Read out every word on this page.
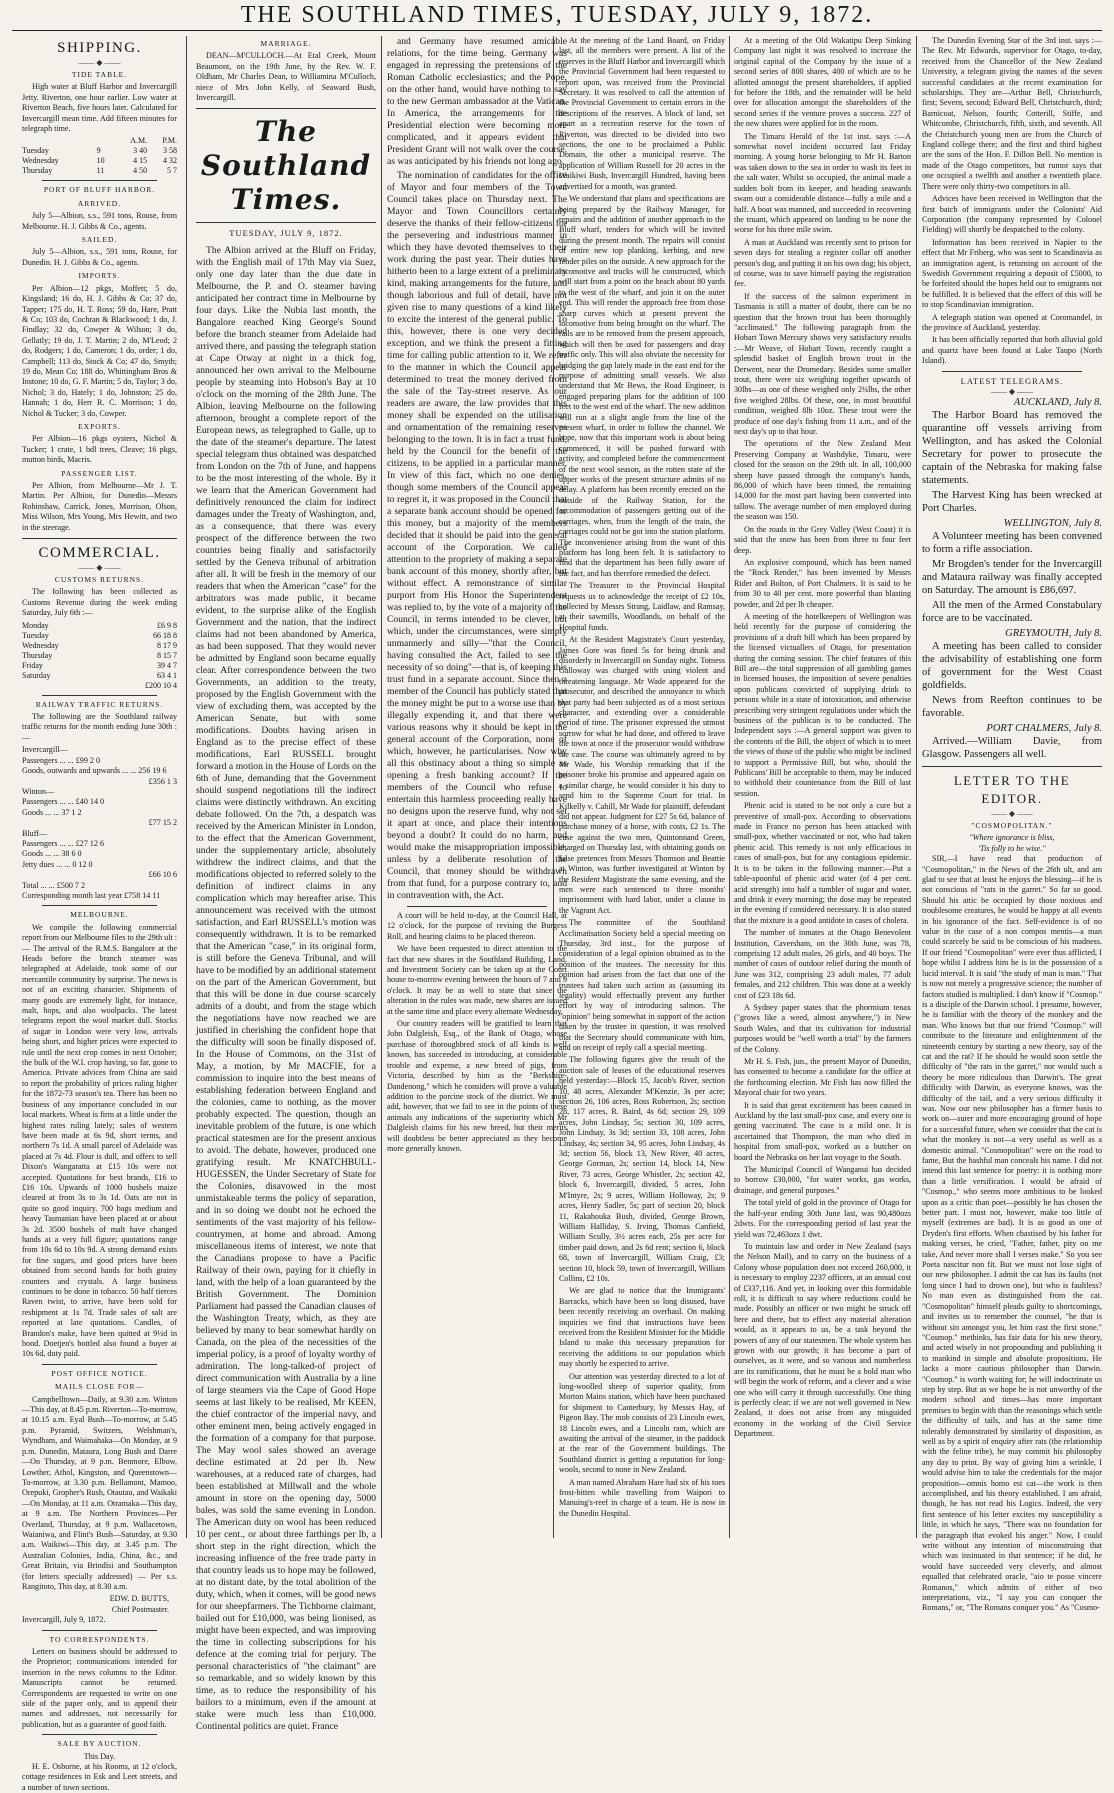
THE SOUTHLAND TIMES, TUESDAY, JULY 9, 1872.
SHIPPING.
—— ◆ ——
TIDE TABLE.

High water at Bluff Harbor and Invercargill Jetty. Riverton, one hour earlier. Low water at Riverton Beach, five hours later. Calculated for Invercargill mean time. Add fifteen minutes for telegraph time.

		A.M.	P.M.
Tuesday	9	3 40	3 58
Wednesday	10	4 15	4 32
Thursday	11	4 50	5 7
PORT OF BLUFF HARBOR.
ARRIVED.

July 5—Albion, s.s., 591 tons, Rouse, from Melbourne. H. J. Gibbs & Co., agents.

SAILED.

July 5—Albion, s.s., 591 tons, Rouse, for Dunedin. H. J. Gibbs & Co., agents.

IMPORTS.

Per Albion—12 pkgs, Moffett; 5 do, Kingsland; 16 do, H. J. Gibbs & Co; 37 do, Tapper; 175 do, H. T. Ross; 59 do, Hare, Pratt & Co; 103 do, Cochran & Blackwood; 1 do, J. Findlay; 32 do, Cowper & Wilson; 3 do, Gellatly; 19 do, J. T. Martin; 2 do, M'Leod; 2 do, Rodgers; 1 do, Cameron; 1 do, order; 1 do, Campbell; 113 do, Stock & Co; 47 do, Smyth; 19 do, Mean Co; 188 do, Whittingham Bros & Instone; 10 do, G. F. Martin; 5 do, Taylor; 3 do, Nichol; 3 do, Hately; 1 do, Johnston; 25 do, Hannah; 1 do, Herr R. C. Morrison; 1 do, Nichol & Tucker; 3 do, Cowper.

EXPORTS.

Per Albion—16 pkgs oysters, Nichol & Tucker; 1 crate, 1 bdl trees, Cleave; 16 pkgs, mutton birds, Macris.

PASSENGER LIST.

Per Albion, from Melbourne—Mr J. T. Martin. Per Albion, for Dunedin—Messrs Robinshaw, Carrick, Jones, Morrison, Olson, Miss Wilson, Mrs Young, Mrs Hewitt, and two in the steerage.

COMMERCIAL.
—— ◆ ——
CUSTOMS RETURNS.

The following has been collected as Customs Revenue during the week ending Saturday, July 6th :—

Monday	£6 9 8
Tuesday	66 18 8
Wednesday	8 17 9
Thursday	8 15 7
Friday	39 4 7
Saturday	63 4 1
	£200 10 4
RAILWAY TRAFFIC RETURNS.

The following are the Southland railway traffic returns for the month ending June 30th :—

Invercargill—
Passengers ... ... £99 2 0
Goods, outwards and upwards ... ... 256 19 6
£356 1 3
Winton—
Passengers ... ... £40 14 0
Goods ... ... 37 1 2
£77 15 2
Bluff—
Passengers ... ... £27 12 6
Goods ... ... 38 6 0
Jetty dues ... ... 0 12 0
£66 10 6
Total ... ... £500 7 2
Corresponding month last year £758 14 11
MELBOURNE.

We compile the following commercial report from our Melbourne files to the 29th ult :— The arrival of the R.M.S. Bangalore at the Heads before the branch steamer was telegraphed at Adelaide, took some of our mercantile community by surprise. The news is not of an exciting character. Shipments of many goods are extremely light, for instance, malt, hops, and also woolpacks. The latest telegrams report the wool market dull. Stocks of sugar in London were very low, arrivals being short, and higher prices were expected to rule until the next crop comes in next October; the bulk of the W.I. crop having, so far, gone to America. Private advices from China are said to report the probability of prices ruling higher for the 1872-73 season's tea. There has been no business of any importance concluded in our local markets. Wheat is firm at a little under the highest rates ruling lately; sales of western have been made at 6s 9d, short terms, and northern 7s 1d. A small parcel of Adelaide was placed at 7s 4d. Flour is dull, and offers to sell Dixon's Wangaratta at £15 10s were not accepted. Quotations for best brands, £16 to £16 10s. Upwards of 1000 bushels maize cleared at from 3s to 3s 1d. Oats are not in quite so good inquiry. 700 bags medium and heavy Tasmanian have been placed at or about 3s 2d. 3500 bushels of malt have changed hands at a very full figure; quotations range from 10s 6d to 10s 9d. A strong demand exists for fine sugars, and good prices have been obtained from second hands for both grainy counters and crystals. A large business continues to be done in tobacco. 50 half tierces Raven twist, to arrive, have been sold for reshipment at 1s 7d. Trade sales of salt are reported at late quotations. Candles, of Brandon's make, have been quitted at 9½d in bond. Doetjen's bottled also found a buyer at 10s 6d, duty paid.

POST OFFICE NOTICE.
MAILS CLOSE FOR—

Campbelltown—Daily, at 9.30 a.m. Winton—This day, at 8.45 p.m. Riverton—To-morrow, at 10.15 a.m. Eyal Bush—To-morrow, at 5.45 p.m. Pyramid, Switzers, Welshman's, Wyndham, and Waimahaka—On Monday, at 9 p.m. Dunedin, Mataura, Long Bush and Darre—On Thursday, at 9 p.m. Benmore, Elbow, Lowther, Athol, Kingston, and Queenstown—To-morrow, at 3.30 p.m. Bellamont, Mamoo, Orepuki, Gropher's Rush, Otautau, and Waikaki—On Monday, at 11 a.m. Otramaka—This day, at 9 a.m. The Northern Provinces—Per Overland, Thursday, at 9 p.m. Wallacetown, Waianiwa, and Flint's Bush—Saturday, at 9.30 a.m. Waikiwi—This day, at 3.45 p.m. The Australian Colonies, India, China, &c., and Great Britain, via Brindisi and Southampton (for letters specially addressed) — Per s.s. Rangitoto, This day, at 8.30 a.m.

EDW. D. BUTTS,
Chief Postmaster.
Invercargill, July 9, 1872.
TO CORRESPONDENTS.

Letters on business should be addressed to the Proprietor; communications intended for insertion in the news columns to the Editor. Manuscripts cannot be returned. Correspondents are requested to write on one side of the paper only, and to append their names and addresses, not necessarily for publication, but as a guarantee of good faith.

SALE BY AUCTION.
This Day.

H. E. Osborne, at his Rooms, at 12 o'clock, cottage residences in Esk and Leet streets, and a number of town sections.

MARRIAGE.

DEAN—M'CULLOCH.—At Etal Creek, Mount Beaumont, on the 19th June, by the Rev. W. F. Oldham, Mr Charles Dean, to Williamina M'Culloch, niece of Mrs John Kelly, of Seaward Bush, Invercargill.

The Southland Times.
TUESDAY, JULY 9, 1872.

The Albion arrived at the Bluff on Friday, with the English mail of 17th May via Suez, only one day later than the due date in Melbourne, the P. and O. steamer having anticipated her contract time in Melbourne by four days. Like the Nubia last month, the Bangalore reached King George's Sound before the branch steamer from Adelaide had arrived there, and passing the telegraph station at Cape Otway at night in a thick fog, announced her own arrival to the Melbourne people by steaming into Hobson's Bay at 10 o'clock on the morning of the 28th June. The Albion, leaving Melbourne on the following afternoon, brought a complete report of the European news, as telegraphed to Galle, up to the date of the steamer's departure. The latest special telegram thus obtained was despatched from London on the 7th of June, and happens to be the most interesting of the whole. By it we learn that the American Government had definitively renounced the claim for indirect damages under the Treaty of Washington, and, as a consequence, that there was every prospect of the difference between the two countries being finally and satisfactorily settled by the Geneva tribunal of arbitration after all. It will be fresh in the memory of our readers that when the American "case" for the arbitrators was made public, it became evident, to the surprise alike of the English Government and the nation, that the indirect claims had not been abandoned by America, as had been supposed. That they would never be admitted by England soon became equally clear. After correspondence between the two Governments, an addition to the treaty, proposed by the English Government with the view of excluding them, was accepted by the American Senate, but with some modifications. Doubts having arisen in England as to the precise effect of these modifications, Earl RUSSELL brought forward a motion in the House of Lords on the 6th of June, demanding that the Government should suspend negotiations till the indirect claims were distinctly withdrawn. An exciting debate followed. On the 7th, a despatch was received by the American Minister in London, to the effect that the American Government, under the supplementary article, absolutely withdrew the indirect claims, and that the modifications objected to referred solely to the definition of indirect claims in any complication which may hereafter arise. This announcement was received with the utmost satisfaction, and Earl RUSSELL's motion was consequently withdrawn. It is to be remarked that the American "case," in its original form, is still before the Geneva Tribunal, and will have to be modified by an additional statement on the part of the American Government, but that this will be done in due course scarcely admits of a doubt, and from the stage which the negotiations have now reached we are justified in cherishing the confident hope that the difficulty will soon be finally disposed of. In the House of Commons, on the 31st of May, a motion, by Mr MACFIE, for a commission to inquire into the best means of establishing federation between England and the colonies, came to nothing, as the mover probably expected. The question, though an inevitable problem of the future, is one which practical statesmen are for the present anxious to avoid. The debate, however, produced one gratifying result. Mr KNATCHBULL-HUGESSEN, the Under Secretary of State for the Colonies, disavowed in the most unmistakeable terms the policy of separation, and in so doing we doubt not he echoed the sentiments of the vast majority of his fellow-countrymen, at home and abroad. Among miscellaneous items of interest, we note that the Canadians propose to have a Pacific Railway of their own, paying for it chiefly in land, with the help of a loan guaranteed by the British Government. The Dominion Parliament had passed the Canadian clauses of the Washington Treaty, which, as they are believed by many to bear somewhat hardly on Canada, on the plea of the necessities of the imperial policy, is a proof of loyalty worthy of admiration. The long-talked-of project of direct communication with Australia by a line of large steamers via the Cape of Good Hope seems at last likely to be realised, Mr KEEN, the chief contractor of the imperial navy, and other eminent men, being actively engaged in the formation of a company for that purpose. The May wool sales showed an average decline estimated at 2d per lb. New warehouses, at a reduced rate of charges, had been established at Millwall and the whole amount in store on the opening day, 5000 bales, was sold the same evening in London. The American duty on wool has been reduced 10 per cent., or about three farthings per lb, a short step in the right direction, which the increasing influence of the free trade party in that country leads us to hope may be followed, at no distant date, by the total abolition of the duty, which, when it comes, will be good news for our sheepfarmers. The Tichborne claimant, bailed out for £10,000, was being lionised, as might have been expected, and was improving the time in collecting subscriptions for his defence at the coming trial for perjury. The personal characteristics of "the claimant" are so remarkable, and so widely known by this time, as to reduce the responsibility of his bailors to a minimum, even if the amount at stake were much less than £10,000. Continental politics are quiet. France

and Germany have resumed amicable relations, for the time being. Germany was engaged in repressing the pretensions of the Roman Catholic ecclesiastics; and the Pope, on the other hand, would have nothing to say to the new German ambassador at the Vatican. In America, the arrangements for the Presidential election were becoming more complicated, and it appears evident that President Grant will not walk over the course, as was anticipated by his friends not long ago.

The nomination of candidates for the office of Mayor and four members of the Town Council takes place on Thursday next. The Mayor and Town Councillors certainly deserve the thanks of their fellow-citizens for the persevering and industrious manner in which they have devoted themselves to their work during the past year. Their duties have hitherto been to a large extent of a preliminary kind, making arrangements for the future, and though laborious and full of detail, have not given rise to many questions of a kind likely to excite the interest of the general public. To this, however, there is one very decided exception, and we think the present a fitting time for calling public attention to it. We refer to the manner in which the Council appear determined to treat the money derived from the sale of the Tay-street reserve. As our readers are aware, the law provides that this money shall be expended on the utilisation and ornamentation of the remaining reserves belonging to the town. It is in fact a trust fund, held by the Council for the benefit of the citizens, to be applied in a particular manner. In view of this fact, which no one denies, though some members of the Council appear to regret it, it was proposed in the Council that a separate bank account should be opened for this money, but a majority of the members decided that it should be paid into the general account of the Corporation. We called attention to the propriety of making a separate bank account of this money, shortly after, but without effect. A remonstrance of similar purport from His Honor the Superintendent was replied to, by the vote of a majority of the Council, in terms intended to be clever, but which, under the circumstances, were simply unmannerly and silly—"that the Council, having consulted the Act, failed to see the necessity of so doing"—that is, of keeping this trust fund in a separate account. Since then a member of the Council has publicly stated that the money might be put to a worse use than by illegally expending it, and that there were various reasons why it should be kept in the general account of the Corporation, none of which, however, he particularises. Now why all this obstinacy about a thing so simple as opening a fresh banking account? If the members of the Council who refuse to entertain this harmless proceeding really have no designs upon the reserve fund, why not set it apart at once, and place their intentions beyond a doubt? It could do no harm, and would make the misappropriation impossible, unless by a deliberate resolution of the Council, that money should be withdrawn from that fund, for a purpose contrary to, and in contravention with, the Act.

A court will be held to-day, at the Council Hall, at 12 o'clock, for the purpose of revising the Burgess Roll, and hearing claims to be placed thereon.

We have been requested to direct attention to the fact that new shares in the Southland Building, Land, and Investment Society can be taken up at the Court house to-morrow evening between the hours of 7 and 9 o'clock. It may be as well to state that since the alteration in the rules was made, new shares are issued at the same time and place every alternate Wednesday.

Our country readers will be gratified to learn that John Dalgleish, Esq., of the Bank of Otago, whose purchase of thoroughbred stock of all kinds is well known, has succeeded in introducing, at considerable trouble and expense, a new breed of pigs, from Victoria, described by him as the "Berkshire-Dandenong," which he considers will prove a valuable addition to the porcine stock of the district. We must add, however, that we fail to see in the points of these animals any indications of the superiority which Mr Dalgleish claims for his new breed, but their merits will doubtless be better appreciated as they become more generally known.

At the meeting of the Land Board, on Friday last, all the members were present. A list of the reserves in the Bluff Harbor and Invercargill which the Provincial Government had been requested to report upon, was received from the Provincial Secretary. It was resolved to call the attention of the Provincial Government to certain errors in the descriptions of the reserves. A block of land, set apart as a recreation reserve for the town of Riverton, was directed to be divided into two sections, the one to be proclaimed a Public Domain, the other a municipal reserve. The application of William Russell for 20 acres in the Waikiwi Bush, Invercargill Hundred, having been advertised for a month, was granted.

We understand that plans and specifications are being prepared by the Railway Manager, for repairs and the addition of another approach to the Bluff wharf, tenders for which will be invited during the present month. The repairs will consist of entire new top planking, kerbing, and new fender piles on the outside. A new approach for the locomotive and trucks will be constructed, which will start from a point on the beach about 80 yards to the west of the wharf, and join it on the outer end. This will render the approach free from those sharp curves which at present prevent the locomotive from being brought on the wharf. The rails are to be removed from the present approach, which will then be used for passengers and dray traffic only. This will also obviate the necessity for bridging the gap lately made in the east end for the purpose of admitting small vessels. We also understand that Mr Bews, the Road Engineer, is engaged preparing plans for the addition of 100 feet to the west end of the wharf. The new addition will run at a slight angle from the line of the present wharf, in order to follow the channel. We hope, now that this important work is about being commenced, it will be pushed forward with activity, and completed before the commencement of the next wool season, as the rotten state of the upper works of the present structure admits of no delay. A platform has been recently erected on the outside of the Railway Station, for the accommodation of passengers getting out of the carriages, when, from the length of the train, the carriages could not be got into the station platform. The inconvenience arising from the want of this platform has long been felt. It is satisfactory to find that the department has been fully aware of the fact, and has therefore remedied the defect.

The Treasurer to the Provincial Hospital requests us to acknowledge the receipt of £2 10s, collected by Messrs Strang, Laidlaw, and Ramsay, at their sawmills, Woodlands, on behalf of the Hospital funds.

At the Resident Magistrate's Court yesterday, James Gore was fined 5s for being drunk and disorderly in Invercargill on Sunday night. Totness Galloway was charged with using violent and threatening language. Mr Wade appeared for the prosecutor, and described the annoyance to which that party had been subjected as of a most serious character, and extending over a considerable period of time. The prisoner expressed the utmost sorrow for what he had done, and offered to leave the town at once if the prosecutor would withdraw the case. The course was ultimately agreed to by Mr Wade, his Worship remarking that if the prisoner broke his promise and appeared again on a similar charge, he would consider it his duty to send him to the Supreme Court for trial. In Kilkelly v. Cahill, Mr Wade for plaintiff, defendant did not appear. Judgment for £27 5s 6d, balance of purchase money of a horse, with costs, £2 1s. The case against the two men, Quintonnand Green, charged on Thursday last, with obtaining goods on false pretences from Messrs Thomson and Beattie at Winton, was further investigated at Winton by the Resident Magistrate the same evening, and the men were each sentenced to three months' imprisonment with hard labor, under a clause in the Vagrant Act.

The committee of the Southland Acclimatisation Society held a special meeting on Thursday, 3rd inst., for the purpose of consideration of a legal opinion obtained as to the position of the trustees. The necessity for this opinion had arisen from the fact that one of the trustees had taken such action as (assuming its legality) would effectually prevent any further effort by way of introducing salmon. The "opinion" being somewhat in support of the action taken by the trustee in question, it was resolved that the Secretary should communicate with him, and on receipt of reply call a special meeting.

The following figures give the result of the auction sale of leases of the educational reserves held yesterday:—Block 15, Jacob's River, section 10, 48 acres, Alexander M'Kenzie, 3s per acre; section 26, 106 acres, Ross Robertson, 2s; section 28, 117 acres, R. Baird, 4s 6d; section 29, 109 acres, John Lindsay, 5s; section 30, 109 acres, John Lindsay, 3s 3d; section 33, 108 acres, John Lindsay, 4s; section 34, 95 acres, John Lindsay, 4s 3d; section 56, block 13, New River, 40 acres, George Gorman, 2s; section 14, block 14, New River, 73 acres, George Whistler, 2s; section 42, block 6, Invercargill, divided, 5 acres, John M'Intyre, 2s; 9 acres, William Holloway, 2s; 9 acres, Henry Sadler, 5s; part of section 20, block 11, Rakahouka Bush, divided, George Brown, William Halliday, S. Irving, Thomas Canfield, William Scully, 3½ acres each, 25s per acre for timber paid down, and 2s 6d rent; section 6, block 68, town of Invercargill, William Craig, £3; section 10, block 59, town of Invercargill, William Collins, £2 10s.

We are glad to notice that the Immigrants' Barracks, which have been so long disused, have been recently receiving an overhaul. On making inquiries we find that instructions have been received from the Resident Minister for the Middle Island to make this necessary preparation for receiving the additions to our population which may shortly be expected to arrive.

Our attention was yesterday directed to a lot of long-woolled sheep of superior quality, from Morton Mains station, which have been purchased for shipment to Canterbury, by Messrs Hay, of Pigeon Bay. The mob consists of 23 Lincoln ewes, 18 Lincoln ewes, and a Lincoln ram, which are awaiting the arrival of the steamer, in the paddock at the rear of the Government buildings. The Southland district is getting a reputation for long-wools, second to none in New Zealand.

A man named Abraham Hare had six of his toes frost-bitten while travelling from Waipori to Manuing's-reef in charge of a team. He is now in the Dunedin Hospital.

At a meeting of the Old Wakatipu Deep Sinking Company last night it was resolved to increase the original capital of the Company by the issue of a second series of 800 shares, 400 of which are to be allotted amongst the present shareholders, if applied for before the 18th, and the remainder will be held over for allocation amongst the shareholders of the second series if the venture proves a success. 227 of the new shares were applied for in the room.

The Timaru Herald of the 1st inst. says :—A somewhat novel incident occurred last Friday morning. A young horse belonging to Mr H. Barton was taken down to the sea in order to wash its feet in the salt water. Whilst so occupied, the animal made a sudden bolt from its keeper, and heading seawards swam out a considerable distance—fully a mile and a half. A boat was manned, and succeeded in recovering the truant, which appeared on landing to be none the worse for his three mile swim.

A man at Auckland was recently sent to prison for seven days for stealing a register collar off another person's dog, and putting it on his own dog; his object, of course, was to save himself paying the registration fee.

If the success of the salmon experiment in Tasmania is still a matter of doubt, there can be no question that the brown trout has been thoroughly "acclimated." The following paragraph from the Hobart Town Mercury shows very satisfactory results :—Mr Weave, of Hobart Town, recently caught a splendid basket of English brown trout in the Derwent, near the Dromedary. Besides some smaller trout, there were six weighing together upwards of 30lbs—as one of these weighed only 2¼lbs, the other five weighed 28lbs. Of these, one, in most beautiful condition, weighed 8lb 10oz. These trout were the produce of one day's fishing from 11 a.m., and of the next day's up to that hour.

The operations of the New Zealand Meat Preserving Company at Washdyke, Timaru, were closed for the season on the 29th ult. In all, 100,000 sheep have passed through the company's hands, 86,000 of which have been tinned, the remaining 14,000 for the most part having been converted into tallow. The average number of men employed during the season was 150.

On the roads in the Grey Valley (West Coast) it is said that the snow has been from three to four feet deep.

An explosive compound, which has been named the "Rock Render," has been invented by Messrs Rider and Bolton, of Port Chalmers. It is said to be from 30 to 40 per cent. more powerful than blasting powder, and 2d per lb cheaper.

A meeting of the hotelkeepers of Wellington was held recently for the purpose of considering the provisions of a draft bill which has been prepared by the licensed victuallers of Otago, for presentation during the coming session. The chief features of this Bill are—the total suppression of all gambling games in licensed houses, the imposition of severe penalties upon publicans convicted of supplying drink to persons while in a state of intoxication, and otherwise prescribing very stringent regulations under which the business of the publican is to be conducted. The Independent says :—A general support was given to the contents of the Bill, the object of which is to meet the views of those of the public who might be inclined to support a Permissive Bill, but who, should the Publicans' Bill be acceptable to them, may be induced to withhold their countenance from the Bill of last session.

Phenic acid is stated to be not only a cure but a preventive of small-pox. According to observations made in France no person has been attacked with small-pox, whether vaccinated or not, who had taken phenic acid. This remedy is not only efficacious in cases of small-pox, but for any contagious epidemic. It is to be taken in the following manner:—Put a table-spoonful of phenic acid water (of 4 per cent. acid strength) into half a tumbler of sugar and water, and drink it every morning; the dose may be repeated in the evening if considered necessary. It is also stated that the mixture is a good antidote in cases of cholera.

The number of inmates at the Otago Benevolent Institution, Caversham, on the 30th June, was 78, comprising 12 adult males, 26 girls, and 40 boys. The number of cases of outdoor relief during the month of June was 312, comprising 23 adult males, 77 adult females, and 212 children. This was done at a weekly cost of £23 18s 6d.

A Sydney paper states that the phormium tenax ("grows like a weed, almost anywhere,") in New South Wales, and that its cultivation for industrial purposes would be "well worth a trial" by the farmers of the Colony.

Mr H. S. Fish, jun., the present Mayor of Dunedin, has consented to become a candidate for the office at the forthcoming election. Mr Fish has now filled the Mayoral chair for two years.

It is said that great excitement has been caused in Auckland by the last small-pox case, and every one is getting vaccinated. The case is a mild one. It is ascertained that Thompson, the man who died in hospital from small-pox, worked as a butcher on board the Nebraska on her last voyage to the South.

The Municipal Council of Wanganui has decided to borrow £30,000, "for water works, gas works, drainage, and general purposes."

The total yield of gold in the province of Otago for the half-year ending 30th June last, was 90,480ozs 2dwts. For the corresponding period of last year the yield was 72,463ozs 1 dwt.

To maintain law and order in New Zealand (says the Nelson Mail), and to carry on the business of a Colony whose population does not exceed 260,000, it is necessary to employ 2237 officers, at an annual cost of £337,116. And yet, in looking over this formidable roll, it is difficult to say where reductions could be made. Possibly an officer or two might be struck off here and there, but to effect any material alteration would, as it appears to us, be a task beyond the powers of any of our statesmen. The whole system has grown with our growth; it has become a part of ourselves, as it were, and so various and numberless are its ramifications, that he must be a bold man who will begin the work of reform, and a clever and a wise one who will carry it through successfully. One thing is perfectly clear; if we are not well governed in New Zealand, it does not arise from any misguided economy in the working of the Civil Service Department.

The Dunedin Evening Star of the 3rd inst. says :—The Rev. Mr Edwards, supervisor for Otago, to-day, received from the Chancellor of the New Zealand University, a telegram giving the names of the seven successful candidates at the recent examination for scholarships. They are—Arthur Bell, Christchurch, first; Severn, second; Edward Bell, Christchurch, third; Barnicoat, Nelson, fourth; Cotterill, Stiffe, and Whitcombe, Christchurch, fifth, sixth, and seventh. All the Christchurch young men are from the Church of England college there; and the first and third highest are the sons of the Hon. F. Dillon Bell. No mention is made of the Otago competitors, but rumor says that one occupied a twelfth and another a twentieth place. There were only thirty-two competitors in all.

Advices have been received in Wellington that the first batch of immigrants under the Colonists' Aid Corporation (the company represented by Colonel Fielding) will shortly be despatched to the colony.

Information has been received in Napier to the effect that Mr Friberg, who was sent to Scandinavia as an immigration agent, is returning on account of the Swedish Government requiring a deposit of £5000, to be forfeited should the hopes held out to emigrants not be fulfilled. It is believed that the effect of this will be to stop Scandinavian immigration.

A telegraph station was opened at Coromandel, in the province of Auckland, yesterday.

It has been officially reported that both alluvial gold and quartz have been found at Lake Taupo (North Island).

LATEST TELEGRAMS.
—— ◆ ——
AUCKLAND, July 8.

The Harbor Board has removed the quarantine off vessels arriving from Wellington, and has asked the Colonial Secretary for power to prosecute the captain of the Nebraska for making false statements.

The Harvest King has been wrecked at Port Charles.

WELLINGTON, July 8.

A Volunteer meeting has been convened to form a rifle association.

Mr Brogden's tender for the Invercargill and Mataura railway was finally accepted on Saturday. The amount is £86,697.

All the men of the Armed Constabulary force are to be vaccinated.

GREYMOUTH, July 8.

A meeting has been called to consider the advisability of establishing one form of government for the West Coast goldfields.

News from Reefton continues to be favorable.

PORT CHALMERS, July 8.

Arrived.—William Davie, from Glasgow. Passengers all well.

LETTER TO THE EDITOR.
—— ◆ ——
"COSMOPOLITAN."
"Where ignorance is bliss,
'Tis folly to be wise."

SIR,—I have read that production of "Cosmopolitan," in the News of the 26th ult, and am glad to see that at least he enjoys the blessing—if he is not conscious of "rats in the garret." So far so good. Should his attic be occupied by those noxious and troublesome creatures, he would be happy at all events in his ignorance of the fact. Self-evidence is of no value in the case of a non compos mentis—a man could scarcely be said to be conscious of his madness. If our friend "Cosmopolitan" were ever thus afflicted, I hope whilst I address him he is in the possession of a lucid interval. It is said "the study of man is man." That is now not merely a progressive science; the number of factors studied is multiplied. I don't know if "Cosmop." is a disciple of the Darwin school. I presume, however, he is familiar with the theory of the monkey and the man. Who knows but that our friend "Cosmop." will contribute to the literature and enlightenment of the nineteenth century by starting a new theory, say of the cat and the rat? If he should he would soon settle the difficulty of "the rats in the garret," nor would such a theory be more ridiculous than Darwin's. The great difficulty with Darwin, as everyone knows, was the difficulty of the tail, and a very serious difficulty it was. Now our new philosopher has a firmer basis to work on—surer and more encouraging ground of hope for a successful future, when we consider that the cat is what the monkey is not—a very useful as well as a domestic animal. "Cosmopolitan" were on the road to fame, But the bashful man conceals his name. I did not intend this last sentence for poetry: it is nothing more than a little versification. I would be afraid of "Cosmop.," who seems more ambitious to be looked upon as a critic than poet—possibly he has chosen the better part. I must not, however, make too little of myself (extremes are bad). It is as good as one of Dryden's first efforts. When chastised by his father for making verses, he cried, "Father, father, pity on me take, And never more shall I verses make." So you see Poeta nascitur non fit. But we must not lose sight of our new philosopher. I admit the cat has its faults (not long since I had to drown one), but who is faultless? No man even as distinguished from the cat. "Cosmopolitan" himself pleads guilty to shortcomings, and invites us to remember the counsel, "he that is without sin amongst you, let him cast the first stone." "Cosmop." methinks, has fair data for his new theory, and acted wisely in not propounding and publishing it to mankind in simple and absolute propositions. He lacks a more cautious philosopher than Darwin. "Cosmop." is worth waiting for; he will indoctrinate us step by step. But as we hope he is not unworthy of the modern school and times—has more important premises to begin with than the reasonings which settle the difficulty of tails, and has at the same time tolerably demonstrated by similarity of disposition, as well as by a spirit of enquiry after rats (the relationship with the feline tribe), he may commit his philosophy any day to print. By way of giving him a wrinkle, I would advise him to take the credentials for the major proposition—omnis homo est cat—the work is then accomplished, and his theory established. I am afraid, though, he has not read his Logics. Indeed, the very first sentence of his letter excites my susceptibility a little, in which he says, "There was no foundation for the paragraph that evoked his anger." Now, I could write without any intention of misconstruing that which was insinuated in that sentence; if he did, he would have succeeded very cleverly, and almost equalled that celebrated oracle, "aio te posse vincere Romanos," which admits of either of two interpretations, viz., "I say you can conquer the Romans," or, "The Romans conquer you." As "Cosmo-
